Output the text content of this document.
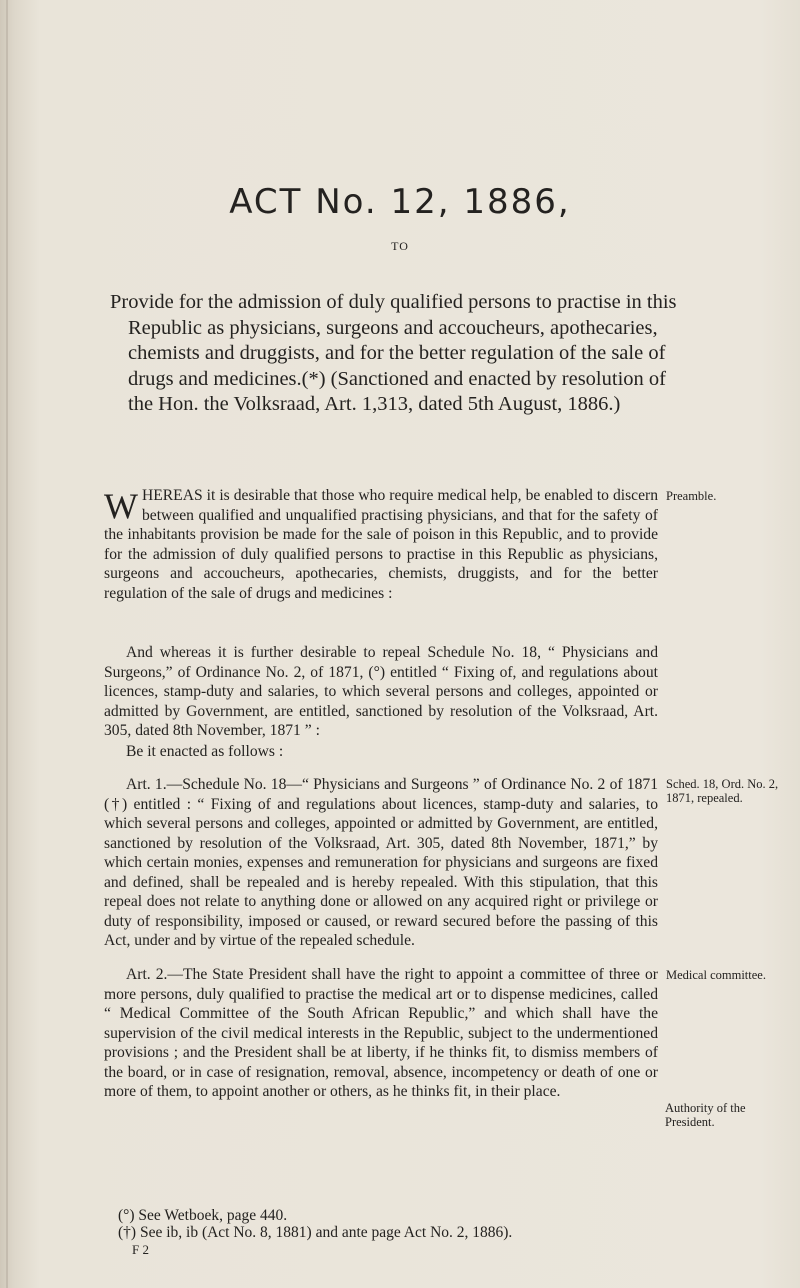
ACT No. 12, 1886,
TO

Provide for the admission of duly qualified persons to practise in this Republic as physicians, surgeons and accoucheurs, apothecaries, chemists and druggists, and for the better regulation of the sale of drugs and medicines.(*) (Sanctioned and enacted by resolution of the Hon. the Volksraad, Art. 1,313, dated 5th August, 1886.)

WHEREAS it is desirable that those who require medical help, be enabled to discern between qualified and unqualified practising physicians, and that for the safety of the inhabitants provision be made for the sale of poison in this Republic, and to provide for the admission of duly qualified persons to practise in this Republic as physicians, surgeons and accoucheurs, apothecaries, chemists, druggists, and for the better regulation of the sale of drugs and medicines :

And whereas it is further desirable to repeal Schedule No. 18, “ Physicians and Surgeons,” of Ordinance No. 2, of 1871, (°) entitled “ Fixing of, and regulations about licences, stamp-duty and salaries, to which several persons and colleges, appointed or admitted by Government, are entitled, sanctioned by resolution of the Volksraad, Art. 305, dated 8th November, 1871 ” :

Be it enacted as follows :

Art. 1.—Schedule No. 18—“ Physicians and Surgeons ” of Ordinance No. 2 of 1871 (†) entitled : “ Fixing of and regulations about licences, stamp-duty and salaries, to which several persons and colleges, appointed or admitted by Government, are entitled, sanctioned by resolution of the Volksraad, Art. 305, dated 8th November, 1871,” by which certain monies, expenses and remuneration for physicians and surgeons are fixed and defined, shall be repealed and is hereby repealed. With this stipulation, that this repeal does not relate to anything done or allowed on any acquired right or privilege or duty of responsibility, imposed or caused, or reward secured before the passing of this Act, under and by virtue of the repealed schedule.

Art. 2.—The State President shall have the right to appoint a committee of three or more persons, duly qualified to practise the medical art or to dispense medicines, called “ Medical Committee of the South African Republic,” and which shall have the supervision of the civil medical interests in the Republic, subject to the undermentioned provisions ; and the President shall be at liberty, if he thinks fit, to dismiss members of the board, or in case of resignation, removal, absence, incompetency or death of one or more of them, to appoint another or others, as he thinks fit, in their place.

Preamble.

Sched. 18, Ord. No. 2, 1871, repealed.

Medical committee.

Authority of the President.

(°) See Wetboek, page 440.

(†) See ib, ib (Act No. 8, 1881) and ante page Act No. 2, 1886).

F 2
